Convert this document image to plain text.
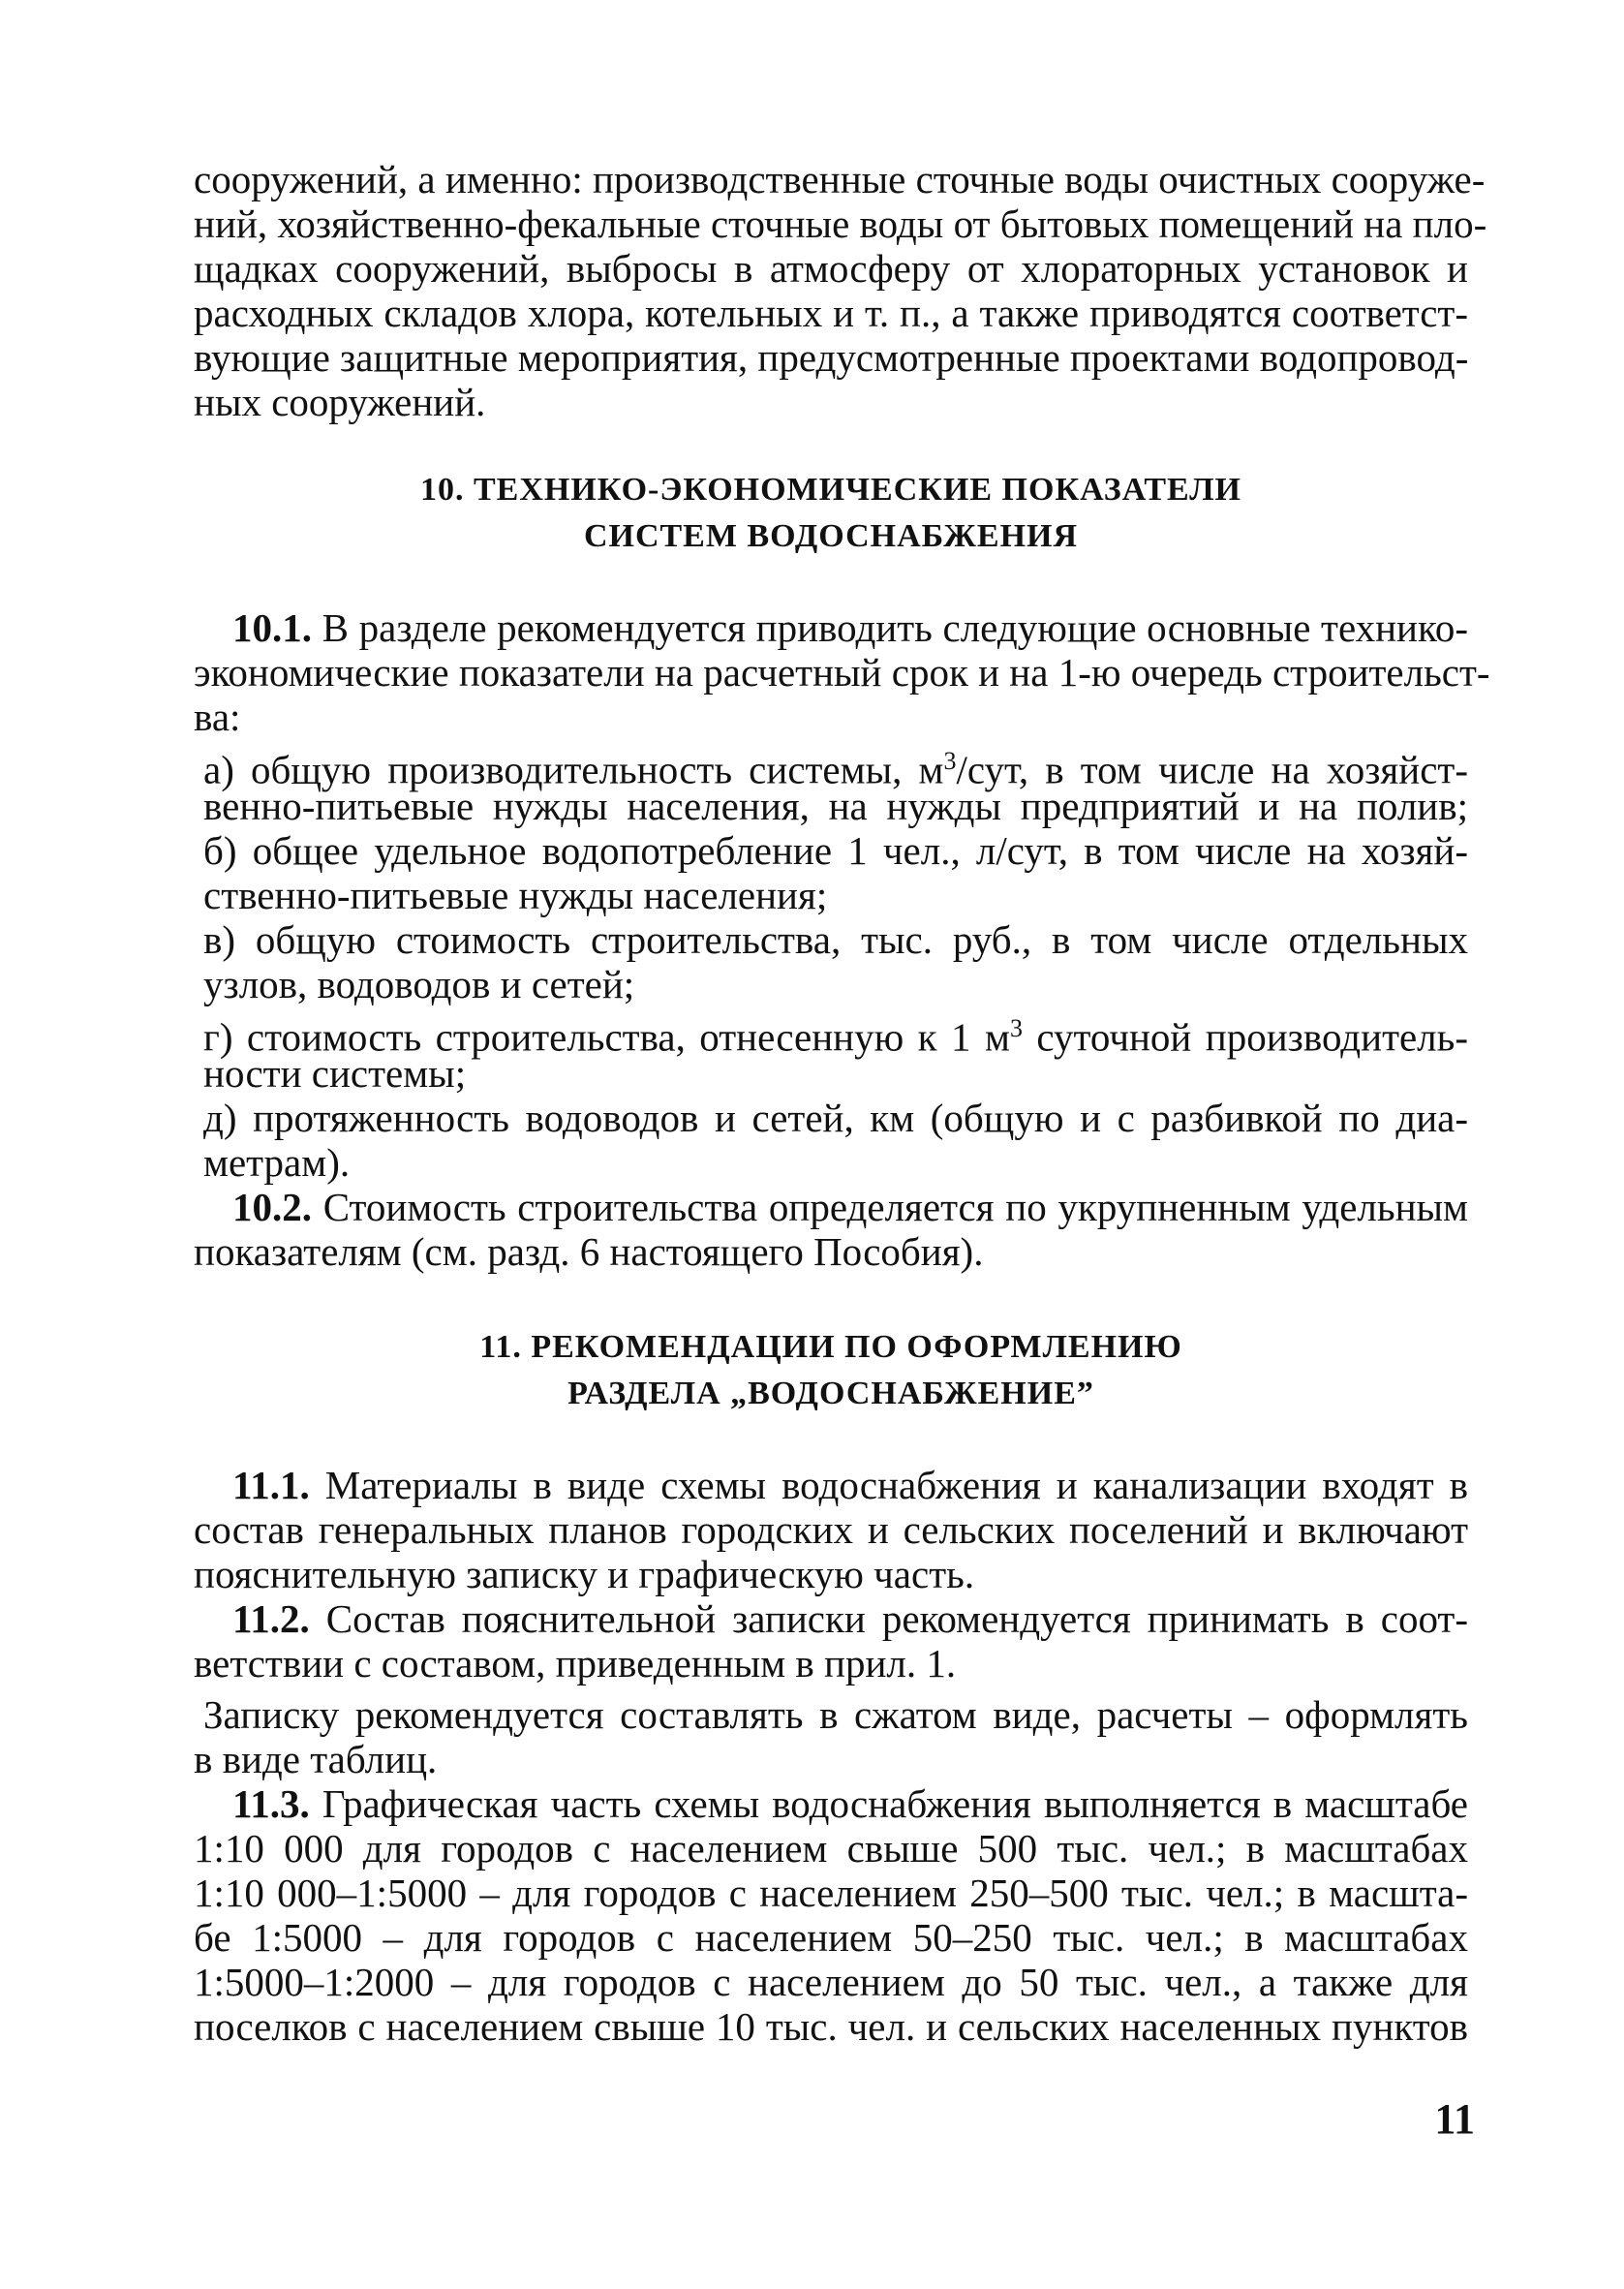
сооружений, а именно: производственные сточные воды очистных сооруже-
ний, хозяйственно-фекальные сточные воды от бытовых помещений на пло-
щадках сооружений, выбросы в атмосферу от хлораторных установок и
расходных складов хлора, котельных и т. п., а также приводятся соответст-
вующие защитные мероприятия, предусмотренные проектами водопровод-
ных сооружений.
10. ТЕХНИКО-ЭКОНОМИЧЕСКИЕ ПОКАЗАТЕЛИ
СИСТЕМ ВОДОСНАБЖЕНИЯ
10.1. В разделе рекомендуется приводить следующие основные технико-
экономические показатели на расчетный срок и на 1-ю очередь строительст-
ва:
а) общую производительность системы, $м^3$/сут, в том числе на хозяйст-
венно-питьевые нужды населения, на нужды предприятий и на полив;
б) общее удельное водопотребление 1 чел., л/сут, в том числе на хозяй-
ственно-питьевые нужды населения;
в) общую стоимость строительства, тыс. руб., в том числе отдельных
узлов, водоводов и сетей;
г) стоимость строительства, отнесенную к 1 $м^3$ суточной производитель-
ности системы;
д) протяженность водоводов и сетей, км (общую и с разбивкой по диа-
метрам).
10.2. Стоимость строительства определяется по укрупненным удельным
показателям (см. разд. 6 настоящего Пособия).
11. РЕКОМЕНДАЦИИ ПО ОФОРМЛЕНИЮ
РАЗДЕЛА „ВОДОСНАБЖЕНИЕ”
11.1. Материалы в виде схемы водоснабжения и канализации входят в
состав генеральных планов городских и сельских поселений и включают
пояснительную записку и графическую часть.
11.2. Состав пояснительной записки рекомендуется принимать в соот-
ветствии с составом, приведенным в прил. 1.
Записку рекомендуется составлять в сжатом виде, расчеты – оформлять
в виде таблиц.
11.3. Графическая часть схемы водоснабжения выполняется в масштабе
1:10 000 для городов с населением свыше 500 тыс. чел.; в масштабах
1:10 000–1:5000 – для городов с населением 250–500 тыс. чел.; в масшта-
бе 1:5000 – для городов с населением 50–250 тыс. чел.; в масштабах
1:5000–1:2000 – для городов с населением до 50 тыс. чел., а также для
поселков с населением свыше 10 тыс. чел. и сельских населенных пунктов
11
